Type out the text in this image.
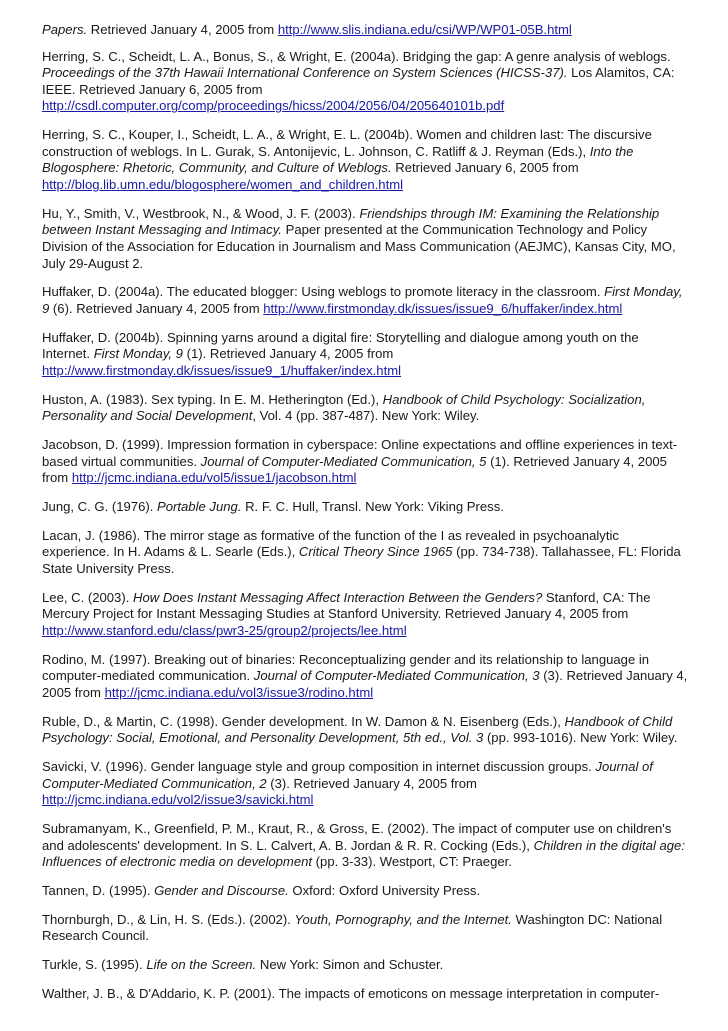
Papers. Retrieved January 4, 2005 from http://www.slis.indiana.edu/csi/WP/WP01-05B.html

Herring, S. C., Scheidt, L. A., Bonus, S., & Wright, E. (2004a). Bridging the gap: A genre analysis of weblogs. Proceedings of the 37th Hawaii International Conference on System Sciences (HICSS-37). Los Alamitos, CA: IEEE. Retrieved January 6, 2005 from http://csdl.computer.org/comp/proceedings/hicss/2004/2056/04/205640101b.pdf

Herring, S. C., Kouper, I., Scheidt, L. A., & Wright, E. L. (2004b). Women and children last: The discursive construction of weblogs. In L. Gurak, S. Antonijevic, L. Johnson, C. Ratliff & J. Reyman (Eds.), Into the Blogosphere: Rhetoric, Community, and Culture of Weblogs. Retrieved January 6, 2005 from http://blog.lib.umn.edu/blogosphere/women_and_children.html

Hu, Y., Smith, V., Westbrook, N., & Wood, J. F. (2003). Friendships through IM: Examining the Relationship between Instant Messaging and Intimacy. Paper presented at the Communication Technology and Policy Division of the Association for Education in Journalism and Mass Communication (AEJMC), Kansas City, MO, July 29-August 2.

Huffaker, D. (2004a). The educated blogger: Using weblogs to promote literacy in the classroom. First Monday, 9 (6). Retrieved January 4, 2005 from http://www.firstmonday.dk/issues/issue9_6/huffaker/index.html

Huffaker, D. (2004b). Spinning yarns around a digital fire: Storytelling and dialogue among youth on the Internet. First Monday, 9 (1). Retrieved January 4, 2005 from http://www.firstmonday.dk/issues/issue9_1/huffaker/index.html

Huston, A. (1983). Sex typing. In E. M. Hetherington (Ed.), Handbook of Child Psychology: Socialization, Personality and Social Development, Vol. 4 (pp. 387-487). New York: Wiley.

Jacobson, D. (1999). Impression formation in cyberspace: Online expectations and offline experiences in text-based virtual communities. Journal of Computer-Mediated Communication, 5 (1). Retrieved January 4, 2005 from http://jcmc.indiana.edu/vol5/issue1/jacobson.html

Jung, C. G. (1976). Portable Jung. R. F. C. Hull, Transl. New York: Viking Press.

Lacan, J. (1986). The mirror stage as formative of the function of the I as revealed in psychoanalytic experience. In H. Adams & L. Searle (Eds.), Critical Theory Since 1965 (pp. 734-738). Tallahassee, FL: Florida State University Press.

Lee, C. (2003). How Does Instant Messaging Affect Interaction Between the Genders? Stanford, CA: The Mercury Project for Instant Messaging Studies at Stanford University. Retrieved January 4, 2005 from http://www.stanford.edu/class/pwr3-25/group2/projects/lee.html

Rodino, M. (1997). Breaking out of binaries: Reconceptualizing gender and its relationship to language in computer-mediated communication. Journal of Computer-Mediated Communication, 3 (3). Retrieved January 4, 2005 from http://jcmc.indiana.edu/vol3/issue3/rodino.html

Ruble, D., & Martin, C. (1998). Gender development. In W. Damon & N. Eisenberg (Eds.), Handbook of Child Psychology: Social, Emotional, and Personality Development, 5th ed., Vol. 3 (pp. 993-1016). New York: Wiley.

Savicki, V. (1996). Gender language style and group composition in internet discussion groups. Journal of Computer-Mediated Communication, 2 (3). Retrieved January 4, 2005 from http://jcmc.indiana.edu/vol2/issue3/savicki.html

Subramanyam, K., Greenfield, P. M., Kraut, R., & Gross, E. (2002). The impact of computer use on children's and adolescents' development. In S. L. Calvert, A. B. Jordan & R. R. Cocking (Eds.), Children in the digital age: Influences of electronic media on development (pp. 3-33). Westport, CT: Praeger.

Tannen, D. (1995). Gender and Discourse. Oxford: Oxford University Press.

Thornburgh, D., & Lin, H. S. (Eds.). (2002). Youth, Pornography, and the Internet. Washington DC: National Research Council.

Turkle, S. (1995). Life on the Screen. New York: Simon and Schuster.

Walther, J. B., & D'Addario, K. P. (2001). The impacts of emoticons on message interpretation in computer-
